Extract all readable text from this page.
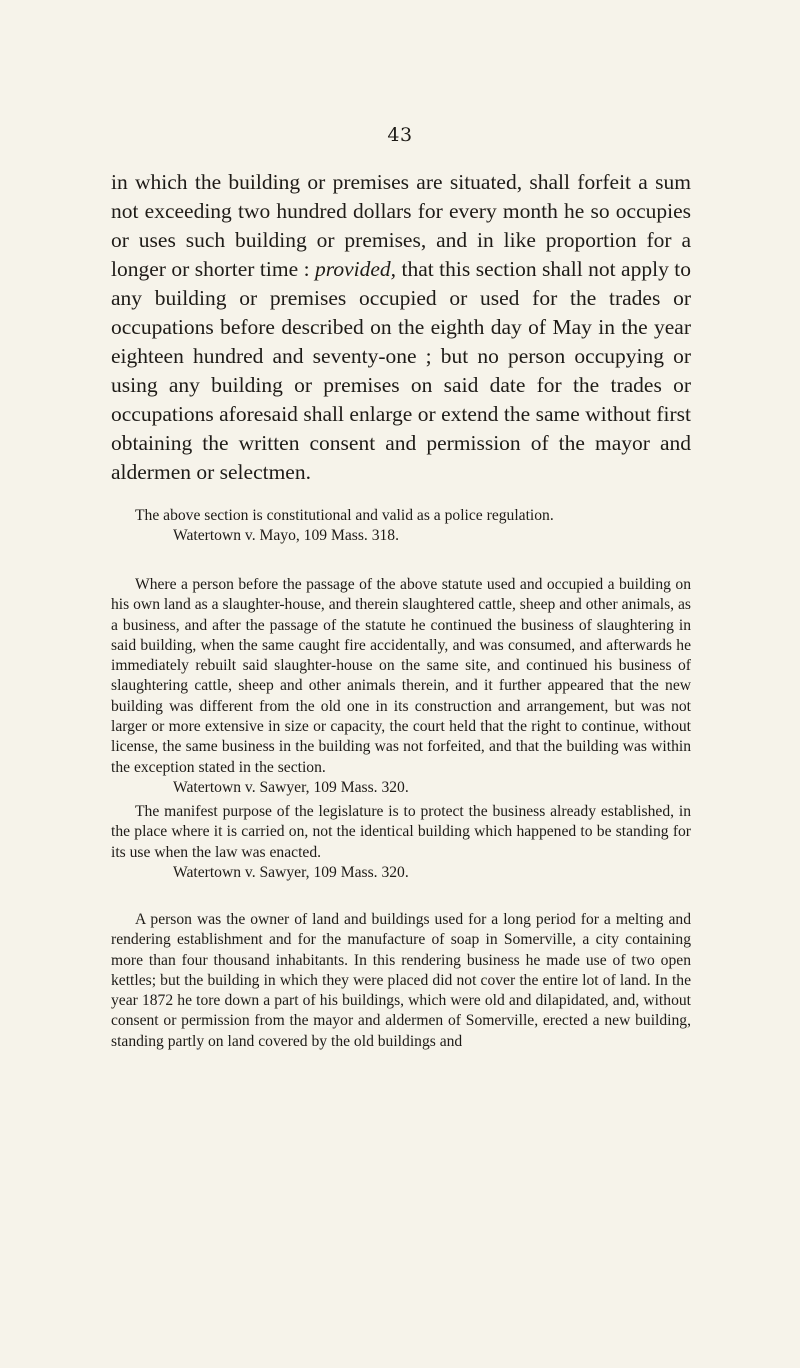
43

in which the building or premises are situated, shall forfeit a sum not exceeding two hundred dollars for every month he so occupies or uses such building or premises, and in like proportion for a longer or shorter time : provided, that this section shall not apply to any building or premises occupied or used for the trades or occupations before described on the eighth day of May in the year eighteen hundred and seventy-one ; but no person occupying or using any building or premises on said date for the trades or occupations aforesaid shall enlarge or extend the same without first obtaining the written consent and permission of the mayor and aldermen or selectmen.

The above section is constitutional and valid as a police regulation.
Watertown v. Mayo, 109 Mass. 318.

Where a person before the passage of the above statute used and occupied a building on his own land as a slaughter-house, and therein slaughtered cattle, sheep and other animals, as a business, and after the passage of the statute he continued the business of slaughtering in said building, when the same caught fire accidentally, and was consumed, and afterwards he immediately rebuilt said slaughter-house on the same site, and continued his business of slaughtering cattle, sheep and other animals therein, and it further appeared that the new building was different from the old one in its construction and arrangement, but was not larger or more extensive in size or capacity, the court held that the right to continue, without license, the same business in the building was not forfeited, and that the building was within the exception stated in the section.
Watertown v. Sawyer, 109 Mass. 320.

The manifest purpose of the legislature is to protect the business already established, in the place where it is carried on, not the identical building which happened to be standing for its use when the law was enacted.
Watertown v. Sawyer, 109 Mass. 320.

A person was the owner of land and buildings used for a long period for a melting and rendering establishment and for the manufacture of soap in Somerville, a city containing more than four thousand inhabitants. In this rendering business he made use of two open kettles; but the building in which they were placed did not cover the entire lot of land. In the year 1872 he tore down a part of his buildings, which were old and dilapidated, and, without consent or permission from the mayor and aldermen of Somerville, erected a new building, standing partly on land covered by the old buildings and
